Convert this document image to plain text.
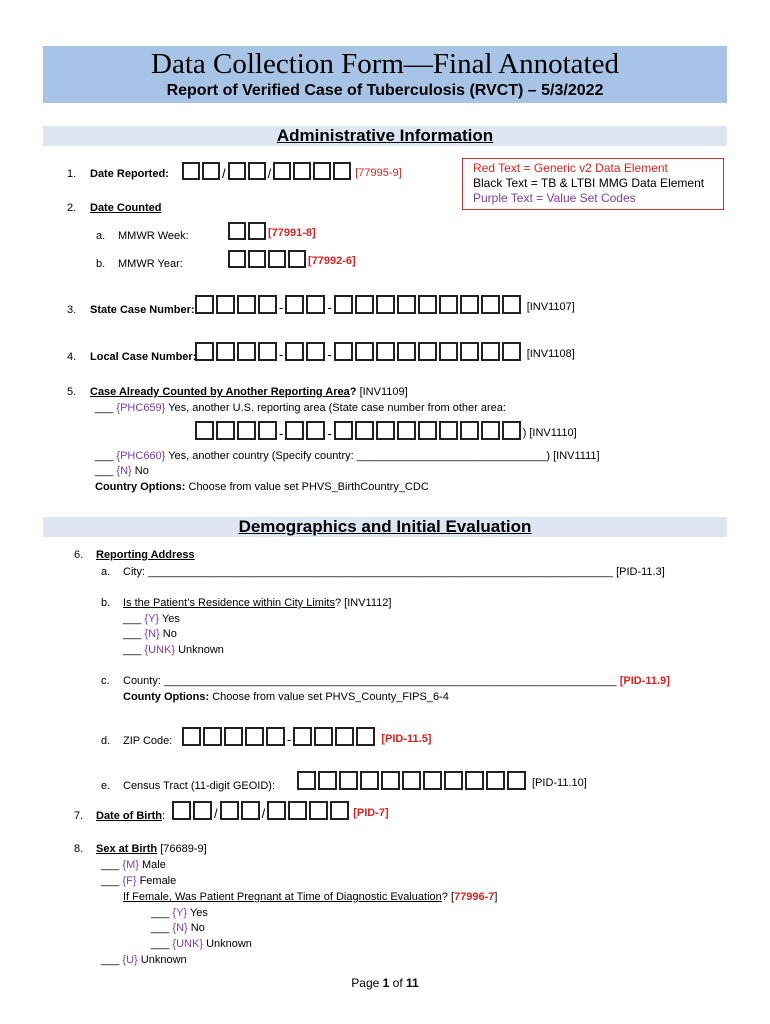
Data Collection Form—Final Annotated
Report of Verified Case of Tuberculosis (RVCT) – 5/3/2022
Administrative Information
Red Text = Generic v2 Data Element
Black Text = TB & LTBI MMG Data Element
Purple Text = Value Set Codes
1. Date Reported:	/	/	[77995-9]
2. Date Counted
a. MMWR Week:	[77991-8]
b. MMWR Year:	[77992-6]
3. State Case Number:	-	-	[INV1107]
4. Local Case Number:	-	-	[INV1108]
5. Case Already Counted by Another Reporting Area? [INV1109]
___ {PHC659} Yes, another U.S. reporting area (State case number from other area:
-	-	) [INV1110]
___ {PHC660} Yes, another country (Specify country: _______________________________) [INV1111]
___ {N} No
Country Options: Choose from value set PHVS_BirthCountry_CDC
Demographics and Initial Evaluation
6. Reporting Address
a. City: ____________________________________________________________________________ [PID-11.3]
b. Is the Patient’s Residence within City Limits? [INV1112]
___ {Y} Yes
___ {N} No
___ {UNK} Unknown
c. County: __________________________________________________________________________ [PID-11.9]
County Options: Choose from value set PHVS_County_FIPS_6-4
d. ZIP Code:	-	[PID-11.5]
e. Census Tract (11-digit GEOID):	[PID-11.10]
7. Date of Birth:	/	/	[PID-7]
8. Sex at Birth [76689-9]
___ {M} Male
___ {F} Female
If Female, Was Patient Pregnant at Time of Diagnostic Evaluation? [77996-7]
___ {Y} Yes
___ {N} No
___ {UNK} Unknown
___ {U} Unknown
Page 1 of 11
